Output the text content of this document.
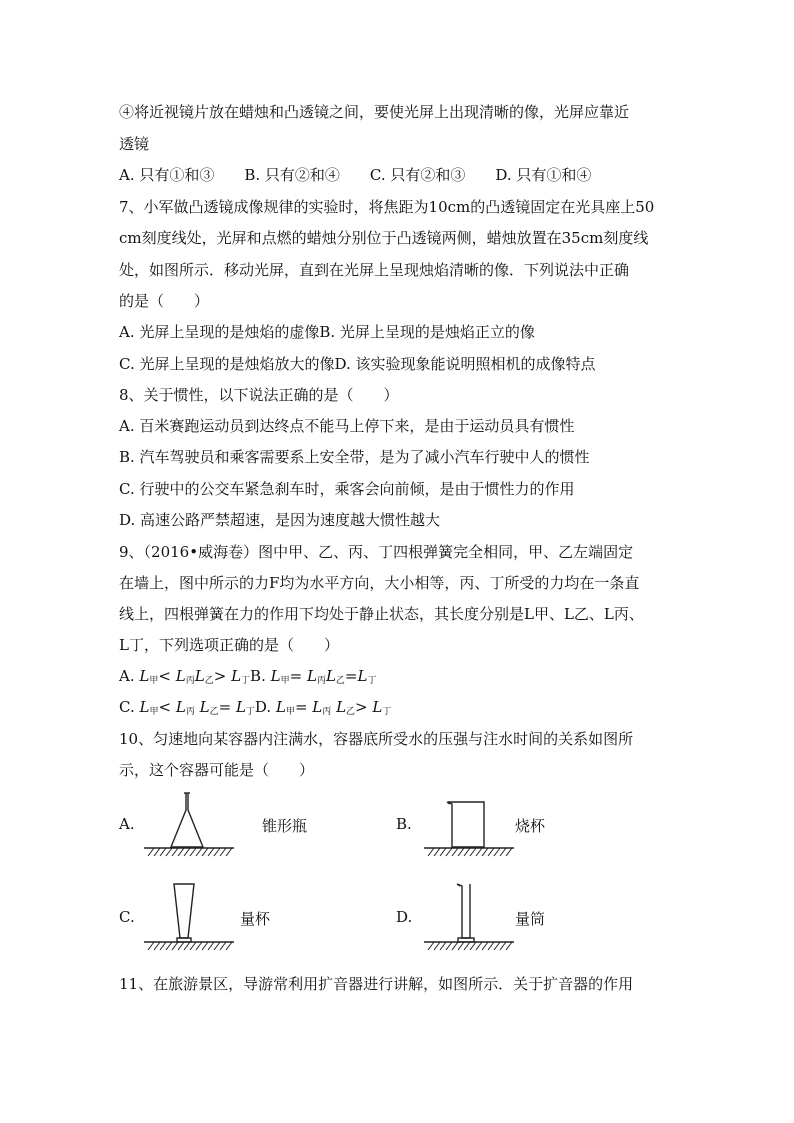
④将近视镜片放在蜡烛和凸透镜之间，要使光屏上出现清晰的像，光屏应靠近
透镜
A. 只有①和③　　B. 只有②和④　　C. 只有②和③　　D. 只有①和④
7、小军做凸透镜成像规律的实验时，将焦距为10cm的凸透镜固定在光具座上50
cm刻度线处，光屏和点燃的蜡烛分别位于凸透镜两侧，蜡烛放置在35cm刻度线
处，如图所示．移动光屏，直到在光屏上呈现烛焰清晰的像．下列说法中正确
的是（　　）
A. 光屏上呈现的是烛焰的虚像B. 光屏上呈现的是烛焰正立的像
C. 光屏上呈现的是烛焰放大的像D. 该实验现象能说明照相机的成像特点
8、关于惯性，以下说法正确的是（　　）
A. 百米赛跑运动员到达终点不能马上停下来，是由于运动员具有惯性
B. 汽车驾驶员和乘客需要系上安全带，是为了减小汽车行驶中人的惯性
C. 行驶中的公交车紧急刹车时，乘客会向前倾，是由于惯性力的作用
D. 高速公路严禁超速，是因为速度越大惯性越大
9、（2016•威海卷）图中甲、乙、丙、丁四根弹簧完全相同，甲、乙左端固定
在墙上，图中所示的力F均为水平方向，大小相等，丙、丁所受的力均在一条直
线上，四根弹簧在力的作用下均处于静止状态，其长度分别是L甲、L乙、L丙、
L丁，下列选项正确的是（　　）
A. $L_甲< L_丙L_乙> L_丁B$. $L_甲= L_丙L_乙=L_丁$
C. $L_甲< L_丙$ $L_乙= L_丁D$. $L_甲= L_丙$ $L_乙> L_丁$
10、匀速地向某容器内注满水，容器底所受水的压强与注水时间的关系如图所
示，这个容器可能是（　　）
A.	锥形瓶	B.	烧杯
C.	量杯	D.	量筒
11、在旅游景区，导游常利用扩音器进行讲解，如图所示．关于扩音器的作用
